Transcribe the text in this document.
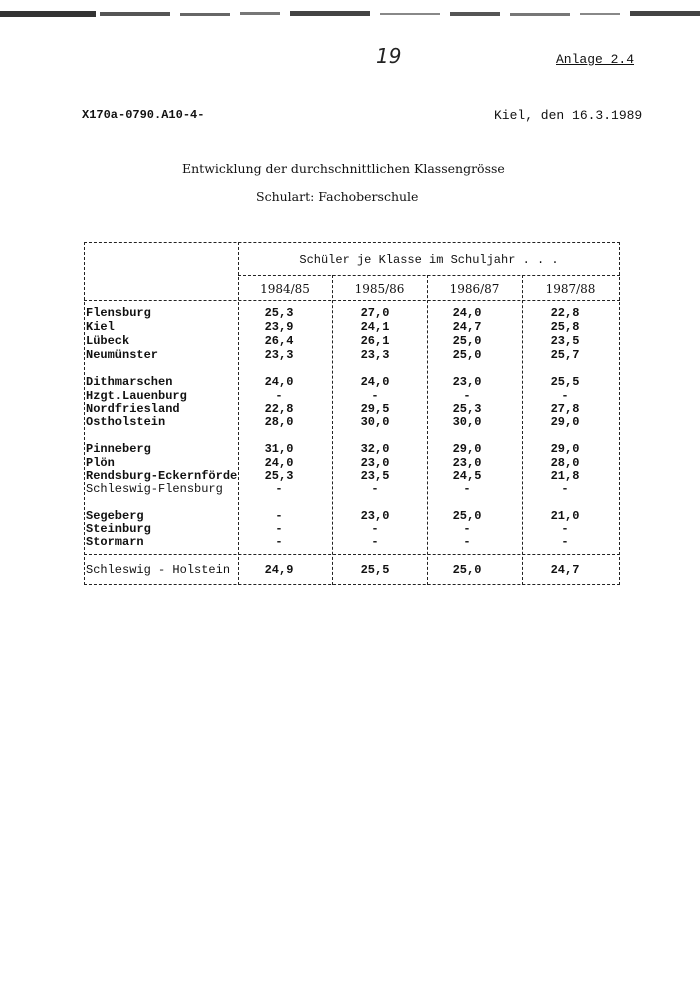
19	Anlage 2.4
X170a-0790.A10-4-	Kiel, den 16.3.1989
Entwicklung der durchschnittlichen Klassengrösse
Schulart: Fachoberschule
Schüler je Klasse im Schuljahr . . .
1984/85	1985/86	1986/87	1987/88
Flensburg	25,3	27,0	24,0	22,8
Kiel	23,9	24,1	24,7	25,8
Lübeck	26,4	26,1	25,0	23,5
Neumünster	23,3	23,3	25,0	25,7
Dithmarschen	24,0	24,0	23,0	25,5
Hzgt.Lauenburg	-	-	-	-
Nordfriesland	22,8	29,5	25,3	27,8
Ostholstein	28,0	30,0	30,0	29,0
Pinneberg	31,0	32,0	29,0	29,0
Plön	24,0	23,0	23,0	28,0
Rendsburg-Eckernförde	25,3	23,5	24,5	21,8
Schleswig-Flensburg	-	-	-	-
Segeberg	-	23,0	25,0	21,0
Steinburg	-	-	-	-
Stormarn	-	-	-	-
Schleswig - Holstein	24,9	25,5	25,0	24,7
